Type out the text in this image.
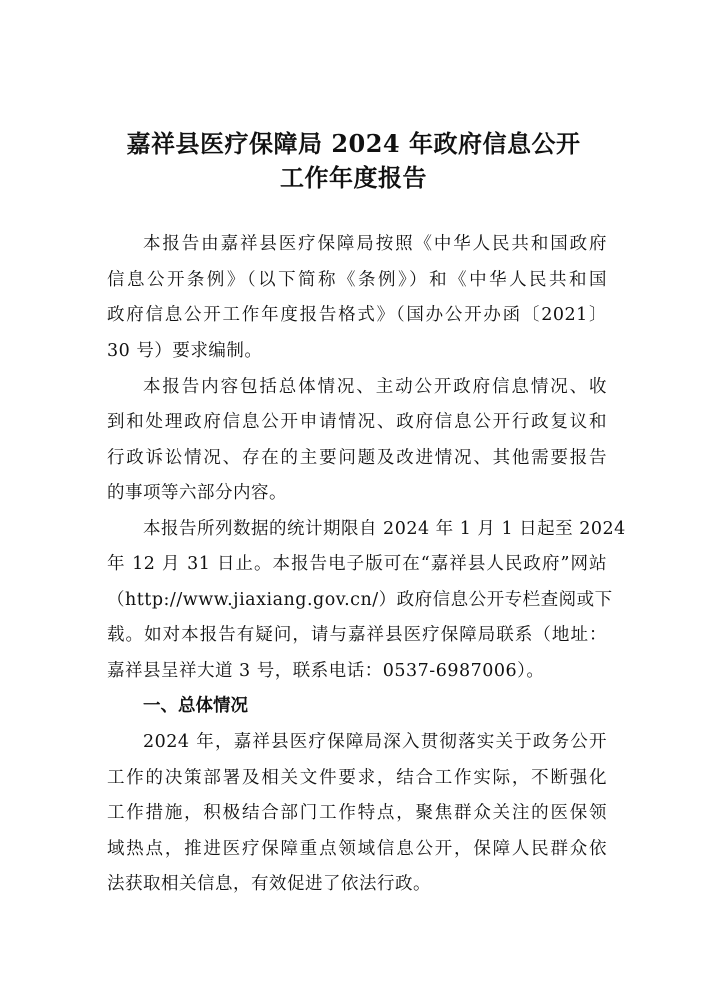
嘉祥县医疗保障局 2024 年政府信息公开
工作年度报告
本报告由嘉祥县医疗保障局按照《中华人民共和国政府
信息公开条例》（以下简称《条例》）和《中华人民共和国
政府信息公开工作年度报告格式》（国办公开办函〔2021〕
30 号）要求编制。
本报告内容包括总体情况、主动公开政府信息情况、收
到和处理政府信息公开申请情况、政府信息公开行政复议和
行政诉讼情况、存在的主要问题及改进情况、其他需要报告
的事项等六部分内容。
本报告所列数据的统计期限自 2024 年 1 月 1 日起至 2024
年 12 月 31 日止。本报告电子版可在“嘉祥县人民政府”网站
（http://www.jiaxiang.gov.cn/）政府信息公开专栏查阅或下
载。如对本报告有疑问，请与嘉祥县医疗保障局联系（地址：
嘉祥县呈祥大道 3 号，联系电话：0537-6987006）。
一、总体情况
2024 年，嘉祥县医疗保障局深入贯彻落实关于政务公开
工作的决策部署及相关文件要求，结合工作实际，不断强化
工作措施，积极结合部门工作特点，聚焦群众关注的医保领
域热点，推进医疗保障重点领域信息公开，保障人民群众依
法获取相关信息，有效促进了依法行政。
